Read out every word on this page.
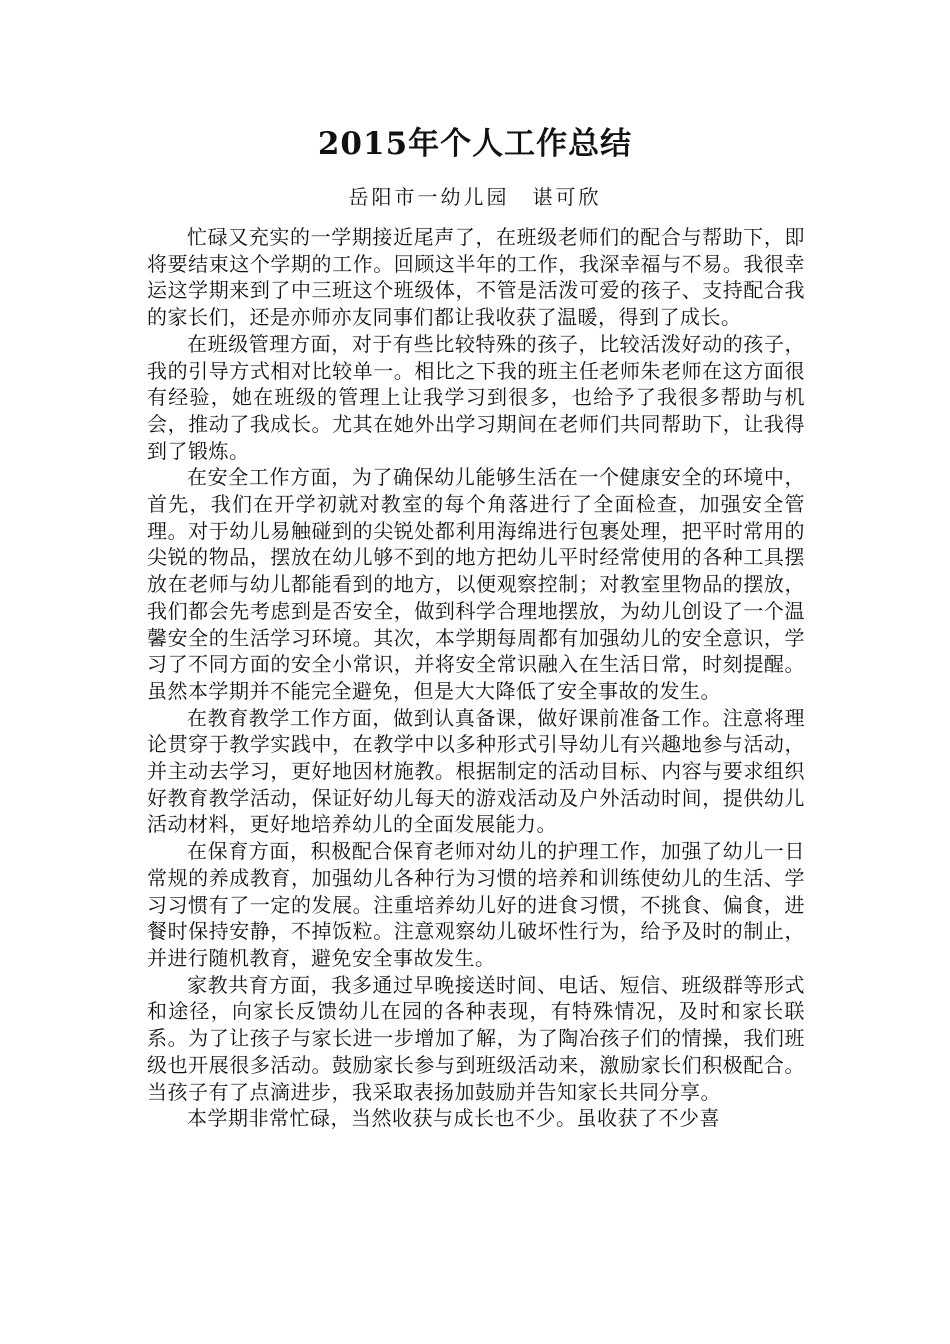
2015年个人工作总结
岳阳市一幼儿园　谌可欣

忙碌又充实的一学期接近尾声了，在班级老师们的配合与帮助下，即将要结束这个学期的工作。回顾这半年的工作，我深幸福与不易。我很幸运这学期来到了中三班这个班级体，不管是活泼可爱的孩子、支持配合我的家长们，还是亦师亦友同事们都让我收获了温暖，得到了成长。

在班级管理方面，对于有些比较特殊的孩子，比较活泼好动的孩子，我的引导方式相对比较单一。相比之下我的班主任老师朱老师在这方面很有经验，她在班级的管理上让我学习到很多，也给予了我很多帮助与机会，推动了我成长。尤其在她外出学习期间在老师们共同帮助下，让我得到了锻炼。

在安全工作方面，为了确保幼儿能够生活在一个健康安全的环境中，首先，我们在开学初就对教室的每个角落进行了全面检查，加强安全管理。对于幼儿易触碰到的尖锐处都利用海绵进行包裹处理，把平时常用的尖锐的物品，摆放在幼儿够不到的地方把幼儿平时经常使用的各种工具摆放在老师与幼儿都能看到的地方，以便观察控制；对教室里物品的摆放，我们都会先考虑到是否安全，做到科学合理地摆放，为幼儿创设了一个温馨安全的生活学习环境。其次，本学期每周都有加强幼儿的安全意识，学习了不同方面的安全小常识，并将安全常识融入在生活日常，时刻提醒。虽然本学期并不能完全避免，但是大大降低了安全事故的发生。

在教育教学工作方面，做到认真备课，做好课前准备工作。注意将理论贯穿于教学实践中，在教学中以多种形式引导幼儿有兴趣地参与活动，并主动去学习，更好地因材施教。根据制定的活动目标、内容与要求组织好教育教学活动，保证好幼儿每天的游戏活动及户外活动时间，提供幼儿活动材料，更好地培养幼儿的全面发展能力。

在保育方面，积极配合保育老师对幼儿的护理工作，加强了幼儿一日常规的养成教育，加强幼儿各种行为习惯的培养和训练使幼儿的生活、学习习惯有了一定的发展。注重培养幼儿好的进食习惯，不挑食、偏食，进餐时保持安静，不掉饭粒。注意观察幼儿破坏性行为，给予及时的制止，并进行随机教育，避免安全事故发生。

家教共育方面，我多通过早晚接送时间、电话、短信、班级群等形式和途径，向家长反馈幼儿在园的各种表现，有特殊情况，及时和家长联系。为了让孩子与家长进一步增加了解，为了陶冶孩子们的情操，我们班级也开展很多活动。鼓励家长参与到班级活动来，激励家长们积极配合。当孩子有了点滴进步，我采取表扬加鼓励并告知家长共同分享。

本学期非常忙碌，当然收获与成长也不少。虽收获了不少喜
